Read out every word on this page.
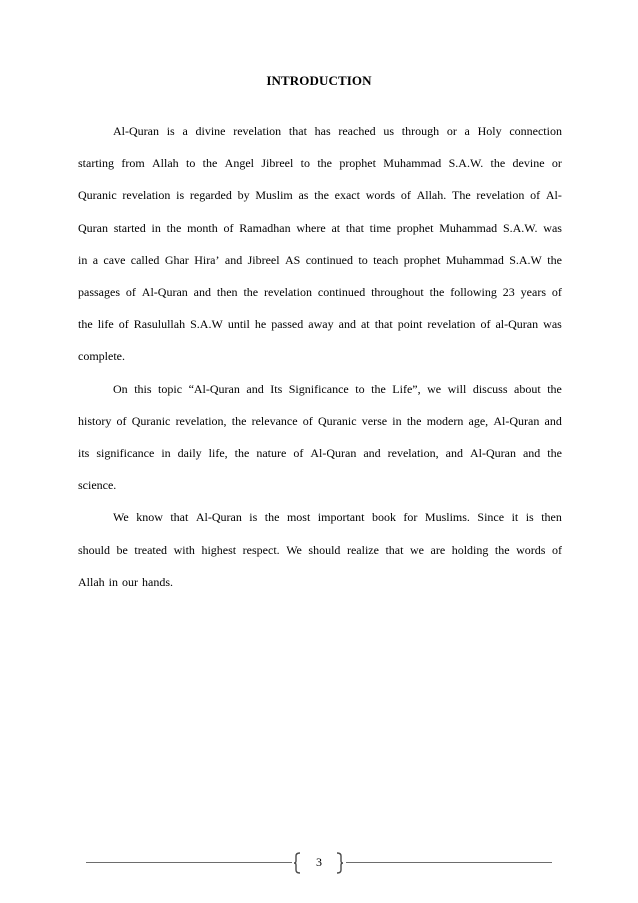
INTRODUCTION
Al-Quran is a divine revelation that has reached us through or a Holy connection
starting from Allah to the Angel Jibreel to the prophet Muhammad S.A.W. the devine or
Quranic revelation is regarded by Muslim as the exact words of Allah. The revelation of Al-
Quran started in the month of Ramadhan where at that time prophet Muhammad S.A.W. was
in a cave called Ghar Hira’ and Jibreel AS continued to teach prophet Muhammad S.A.W the
passages of Al-Quran and then the revelation continued throughout the following 23 years of
the life of Rasulullah S.A.W until he passed away and at that point revelation of al-Quran was
complete.
On this topic “Al-Quran and Its Significance to the Life”, we will discuss about the
history of Quranic revelation, the relevance of Quranic verse in the modern age, Al-Quran and
its significance in daily life, the nature of Al-Quran and revelation, and Al-Quran and the
science.
We know that Al-Quran is the most important book for Muslims. Since it is then
should be treated with highest respect. We should realize that we are holding the words of
Allah in our hands.
3
